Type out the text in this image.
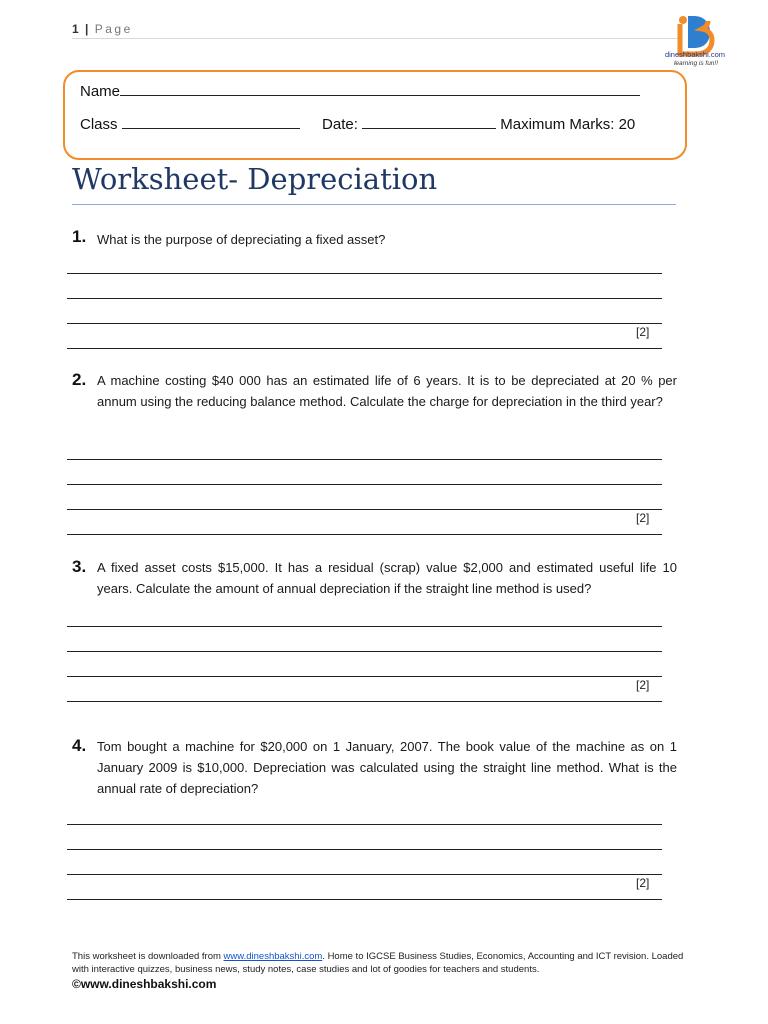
1 | Page
dineshbakshi.com
learning is fun!!
Name
Class	Date:	Maximum Marks: 20
Worksheet- Depreciation
1. What is the purpose of depreciating a fixed asset?
[2]
2. A machine costing $40 000 has an estimated life of 6 years. It is to be depreciated at 20 % per annum using the reducing balance method. Calculate the charge for depreciation in the third year?
[2]
3. A fixed asset costs $15,000. It has a residual (scrap) value $2,000 and estimated useful life 10 years. Calculate the amount of annual depreciation if the straight line method is used?
[2]
4. Tom bought a machine for $20,000 on 1 January, 2007. The book value of the machine as on 1 January 2009 is $10,000. Depreciation was calculated using the straight line method. What is the annual rate of depreciation?
[2]
This worksheet is downloaded from www.dineshbakshi.com. Home to IGCSE Business Studies, Economics, Accounting and ICT revision. Loaded with interactive quizzes, business news, study notes, case studies and lot of goodies for teachers and students.
©www.dineshbakshi.com
